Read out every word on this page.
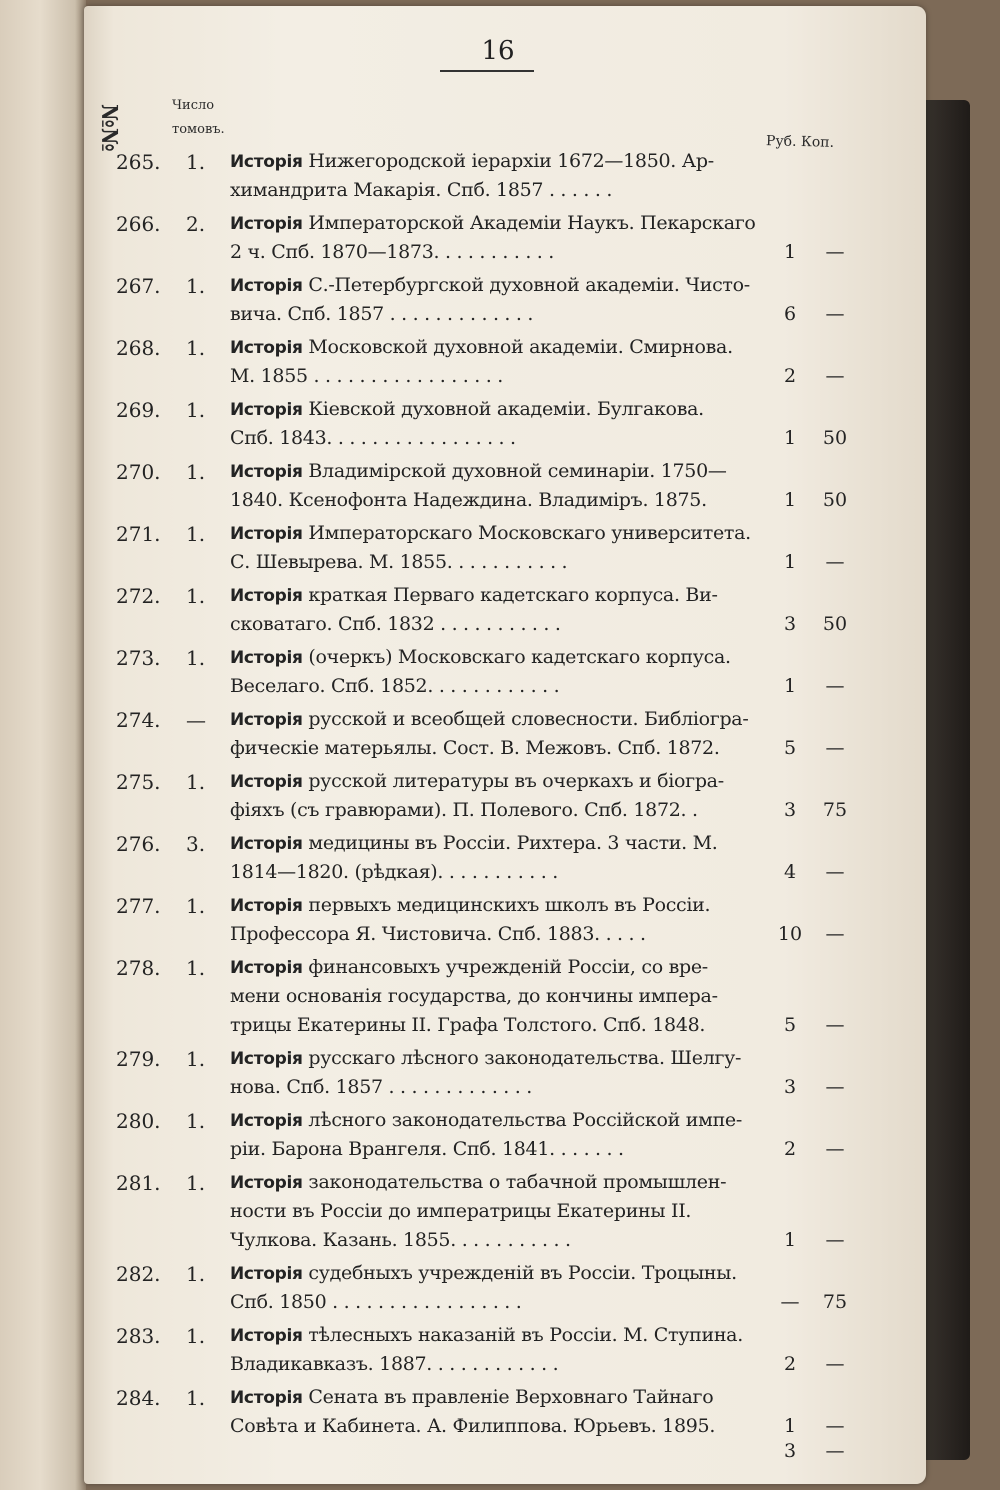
16
№№	Число
томовъ.
Руб. Коп.
265.	1.	Исторія Нижегородской іерархіи 1672—1850. Ар-
химандрита Макарія. Спб. 1857 . . . . . .
266.	2.	Исторія Императорской Академіи Наукъ. Пекарскаго
2 ч. Спб. 1870—1873. . . . . . . . . . .	1	—
267.	1.	Исторія С.-Петербургской духовной академіи. Чисто-
вича. Спб. 1857 . . . . . . . . . . . . .	6	—
268.	1.	Исторія Московской духовной академіи. Смирнова.
М. 1855 . . . . . . . . . . . . . . . . .	2	—
269.	1.	Исторія Кіевской духовной академіи. Булгакова.
Спб. 1843. . . . . . . . . . . . . . . . .	1	50
270.	1.	Исторія Владимірской духовной семинаріи. 1750—
1840. Ксенофонта Надеждина. Владиміръ. 1875.	1	50
271.	1.	Исторія Императорскаго Московскаго университета.
С. Шевырева. М. 1855. . . . . . . . . . .	1	—
272.	1.	Исторія краткая Перваго кадетскаго корпуса. Ви-
сковатаго. Спб. 1832 . . . . . . . . . . .	3	50
273.	1.	Исторія (очеркъ) Московскаго кадетскаго корпуса.
Веселаго. Спб. 1852. . . . . . . . . . . .	1	—
274.	—	Исторія русской и всеобщей словесности. Библіогра-
фическіе матерьялы. Сост. В. Межовъ. Спб. 1872.	5	—
275.	1.	Исторія русской литературы въ очеркахъ и біогра-
фіяхъ (съ гравюрами). П. Полевого. Спб. 1872. .	3	75
276.	3.	Исторія медицины въ Россіи. Рихтера. 3 части. М.
1814—1820. (рѣдкая). . . . . . . . . . .	4	—
277.	1.	Исторія первыхъ медицинскихъ школъ въ Россіи.
Профессора Я. Чистовича. Спб. 1883. . . . .	10	—
278.	1.	Исторія финансовыхъ учрежденій Россіи, со вре-
мени основанія государства, до кончины импера-
трицы Екатерины II. Графа Толстого. Спб. 1848.	5	—
279.	1.	Исторія русскаго лѣсного законодательства. Шелгу-
нова. Спб. 1857 . . . . . . . . . . . . .	3	—
280.	1.	Исторія лѣсного законодательства Россійской импе-
ріи. Барона Врангеля. Спб. 1841. . . . . . .	2	—
281.	1.	Исторія законодательства о табачной промышлен-
ности въ Россіи до императрицы Екатерины II.
Чулкова. Казань. 1855. . . . . . . . . . .	1	—
282.	1.	Исторія судебныхъ учрежденій въ Россіи. Троцыны.
Спб. 1850 . . . . . . . . . . . . . . . . .	—	75
283.	1.	Исторія тѣлесныхъ наказаній въ Россіи. М. Ступина.
Владикавказъ. 1887. . . . . . . . . . . .	2	—
284.	1.	Исторія Сената въ правленіе Верховнаго Тайнаго
Совѣта и Кабинета. А. Филиппова. Юрьевъ. 1895.	1	—
3	—
